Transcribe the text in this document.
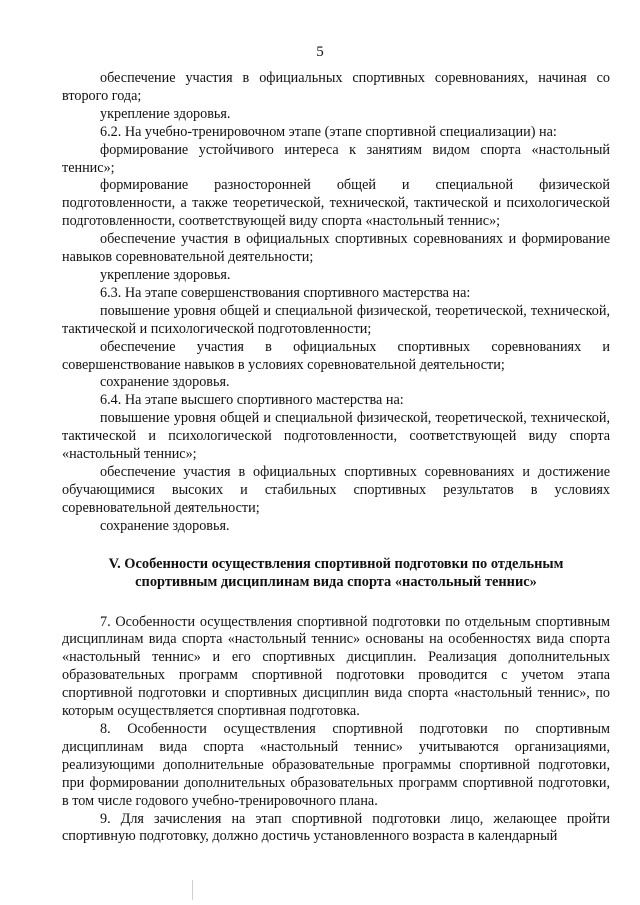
5

обеспечение участия в официальных спортивных соревнованиях, начиная со второго года;

укрепление здоровья.

6.2. На учебно-тренировочном этапе (этапе спортивной специализации) на:

формирование устойчивого интереса к занятиям видом спорта «настольный теннис»;

формирование разносторонней общей и специальной физической подготовленности, а также теоретической, технической, тактической и психологической подготовленности, соответствующей виду спорта «настольный теннис»;

обеспечение участия в официальных спортивных соревнованиях и формирование навыков соревновательной деятельности;

укрепление здоровья.

6.3. На этапе совершенствования спортивного мастерства на:

повышение уровня общей и специальной физической, теоретической, технической, тактической и психологической подготовленности;

обеспечение участия в официальных спортивных соревнованиях и совершенствование навыков в условиях соревновательной деятельности;

сохранение здоровья.

6.4. На этапе высшего спортивного мастерства на:

повышение уровня общей и специальной физической, теоретической, технической, тактической и психологической подготовленности, соответствующей виду спорта «настольный теннис»;

обеспечение участия в официальных спортивных соревнованиях и достижение обучающимися высоких и стабильных спортивных результатов в условиях соревновательной деятельности;

сохранение здоровья.

V. Особенности осуществления спортивной подготовки по отдельным
спортивным дисциплинам вида спорта «настольный теннис»

7. Особенности осуществления спортивной подготовки по отдельным спортивным дисциплинам вида спорта «настольный теннис» основаны на особенностях вида спорта «настольный теннис» и его спортивных дисциплин. Реализация дополнительных образовательных программ спортивной подготовки проводится с учетом этапа спортивной подготовки и спортивных дисциплин вида спорта «настольный теннис», по которым осуществляется спортивная подготовка.

8. Особенности осуществления спортивной подготовки по спортивным дисциплинам вида спорта «настольный теннис» учитываются организациями, реализующими дополнительные образовательные программы спортивной подготовки, при формировании дополнительных образовательных программ спортивной подготовки, в том числе годового учебно-тренировочного плана.

9. Для зачисления на этап спортивной подготовки лицо, желающее пройти спортивную подготовку, должно достичь установленного возраста в календарный
